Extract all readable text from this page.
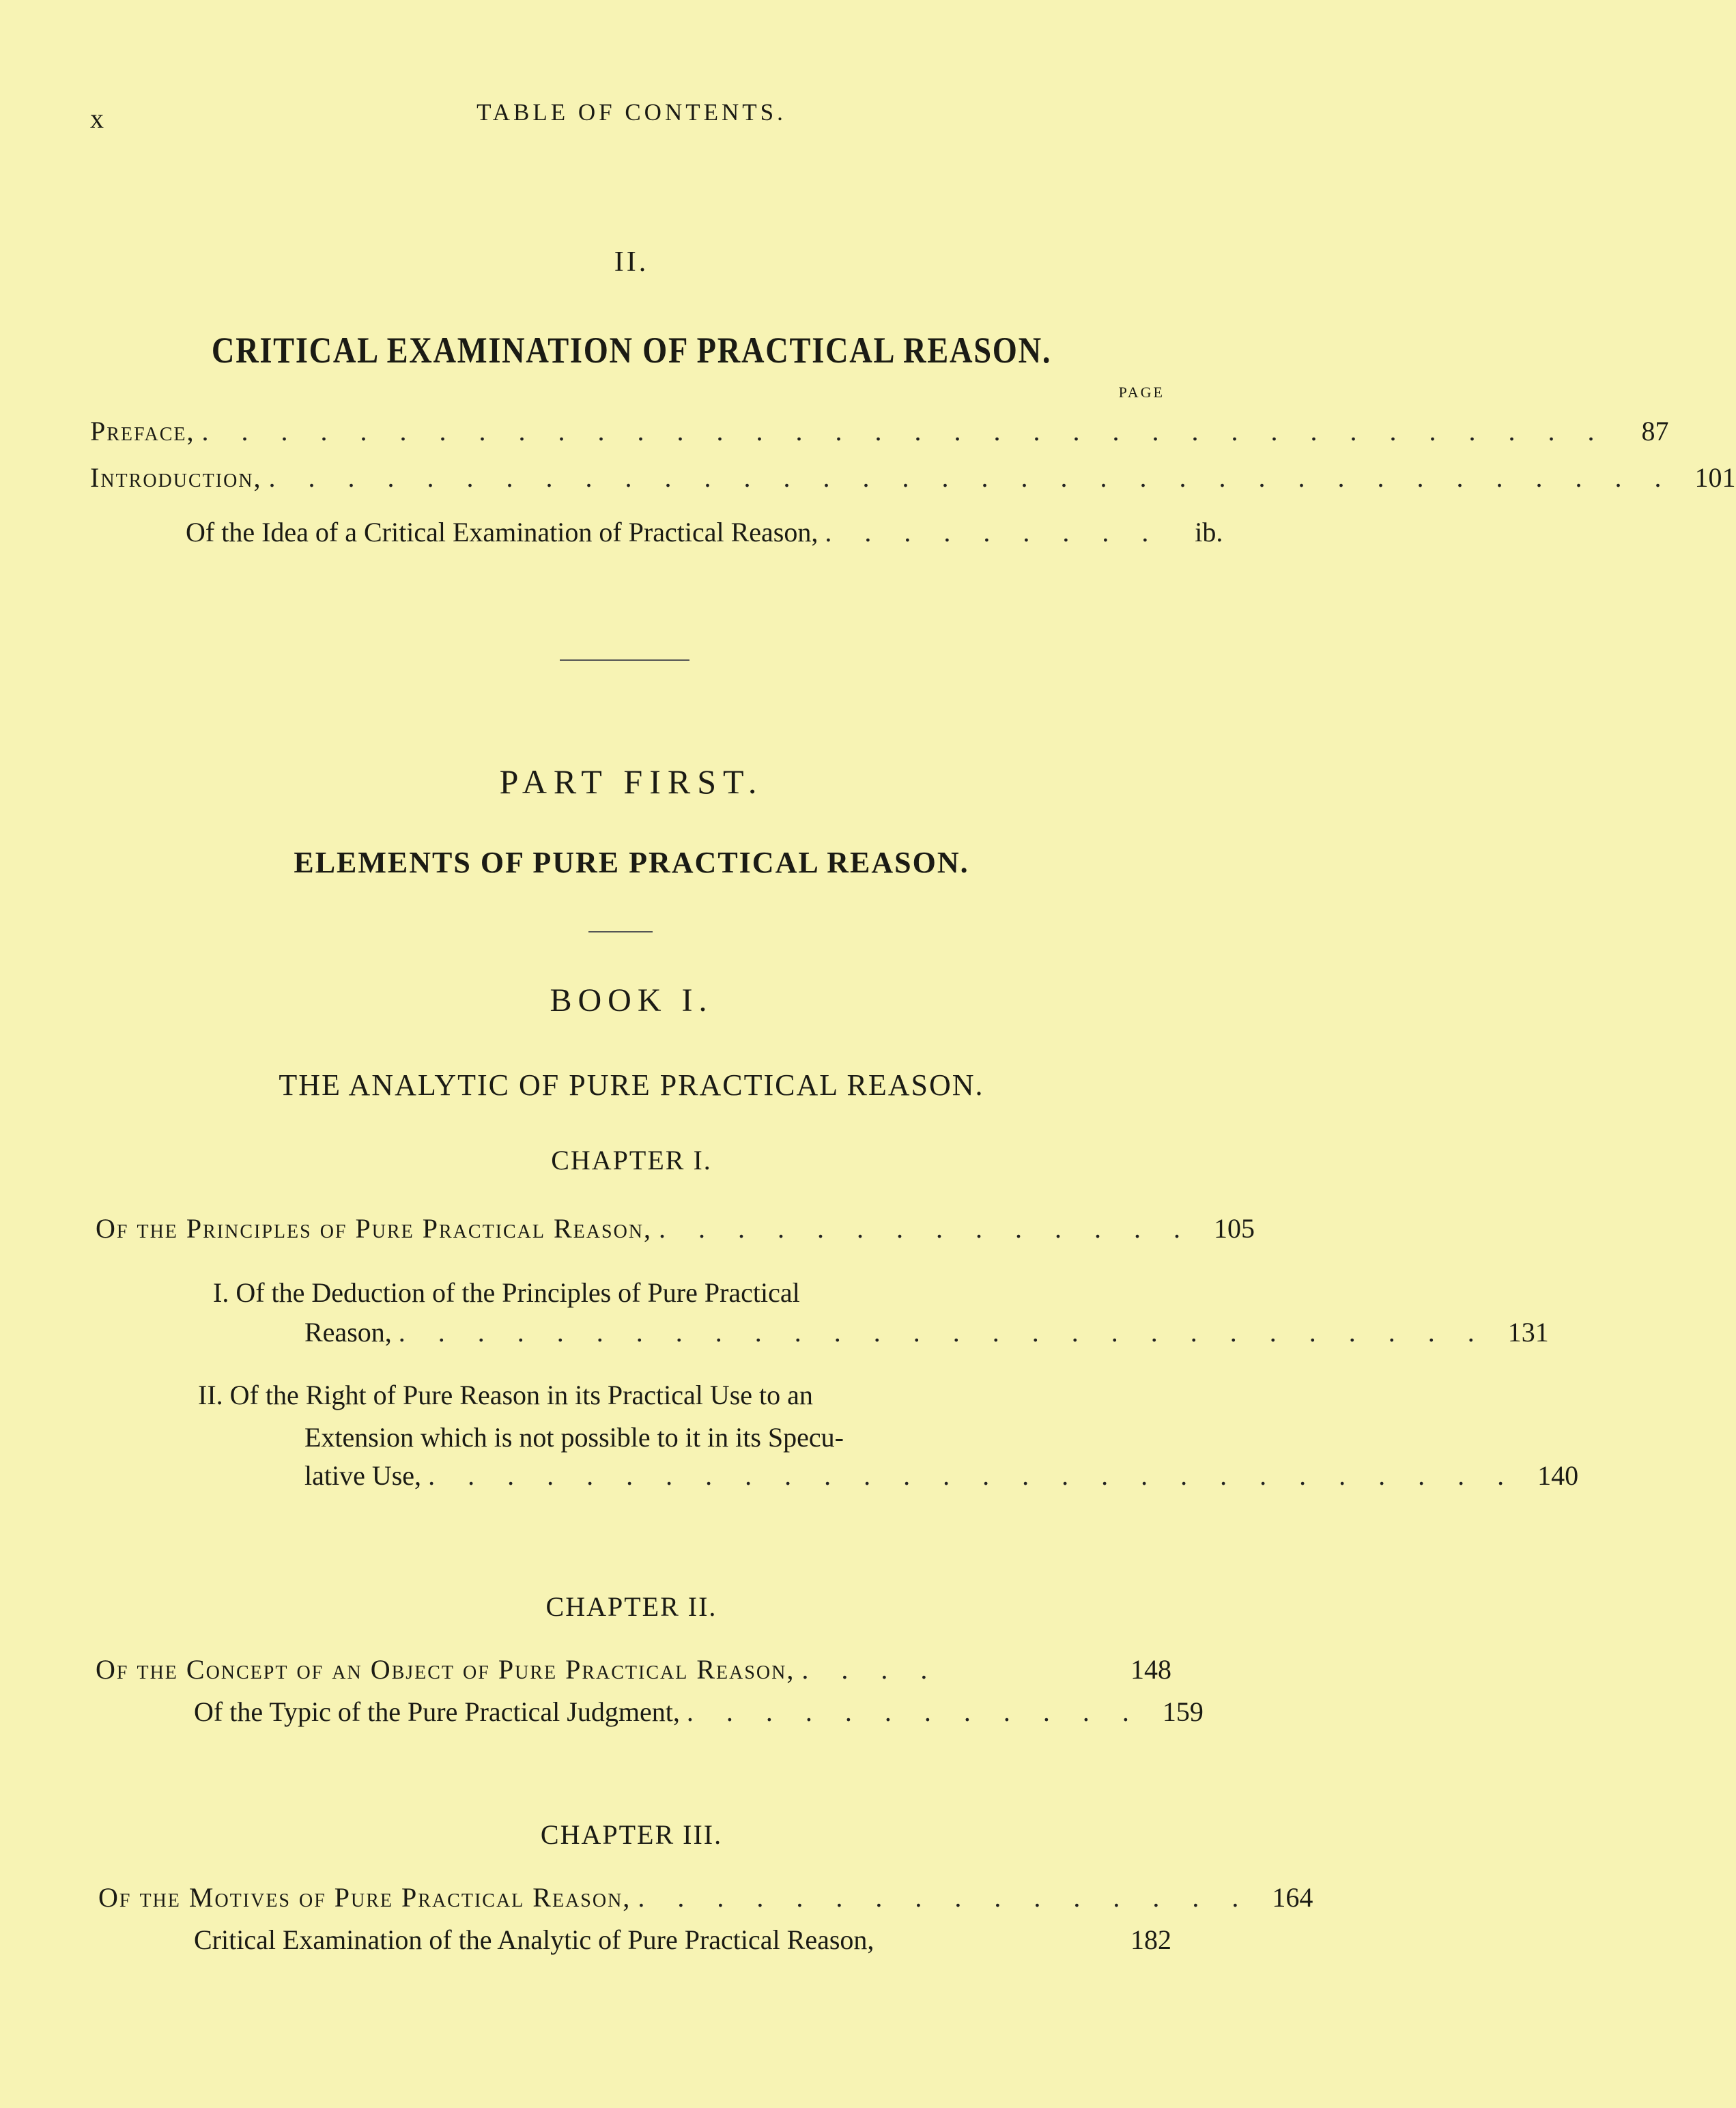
x	TABLE OF CONTENTS.
II.
CRITICAL EXAMINATION OF PRACTICAL REASON.
PAGE
Preface, . . . . . . . . . . . . . . . . . . . . . . . . . . . . . . . . . . . .	87
Introduction, . . . . . . . . . . . . . . . . . . . . . . . . . . . . . . . . . . . . 101
Of the Idea of a Critical Examination of Practical Reason, . . . . . . . . .	ib.
PART FIRST.
ELEMENTS OF PURE PRACTICAL REASON.
BOOK I.
THE ANALYTIC OF PURE PRACTICAL REASON.
CHAPTER I.
Of the Principles of Pure Practical Reason, . . . . . . . . . . . . . . 105
I. Of the Deduction of the Principles of Pure Practical
Reason, . . . . . . . . . . . . . . . . . . . . . . . . . . . . 131
II. Of the Right of Pure Reason in its Practical Use to an
Extension which is not possible to it in its Specu-
lative Use, . . . . . . . . . . . . . . . . . . . . . . . . . . . . 140
CHAPTER II.
Of the Concept of an Object of Pure Practical Reason, . . . .	148
Of the Typic of the Pure Practical Judgment, . . . . . . . . . . . . 159
CHAPTER III.
Of the Motives of Pure Practical Reason, . . . . . . . . . . . . . . . . 164
Critical Examination of the Analytic of Pure Practical Reason,	182
